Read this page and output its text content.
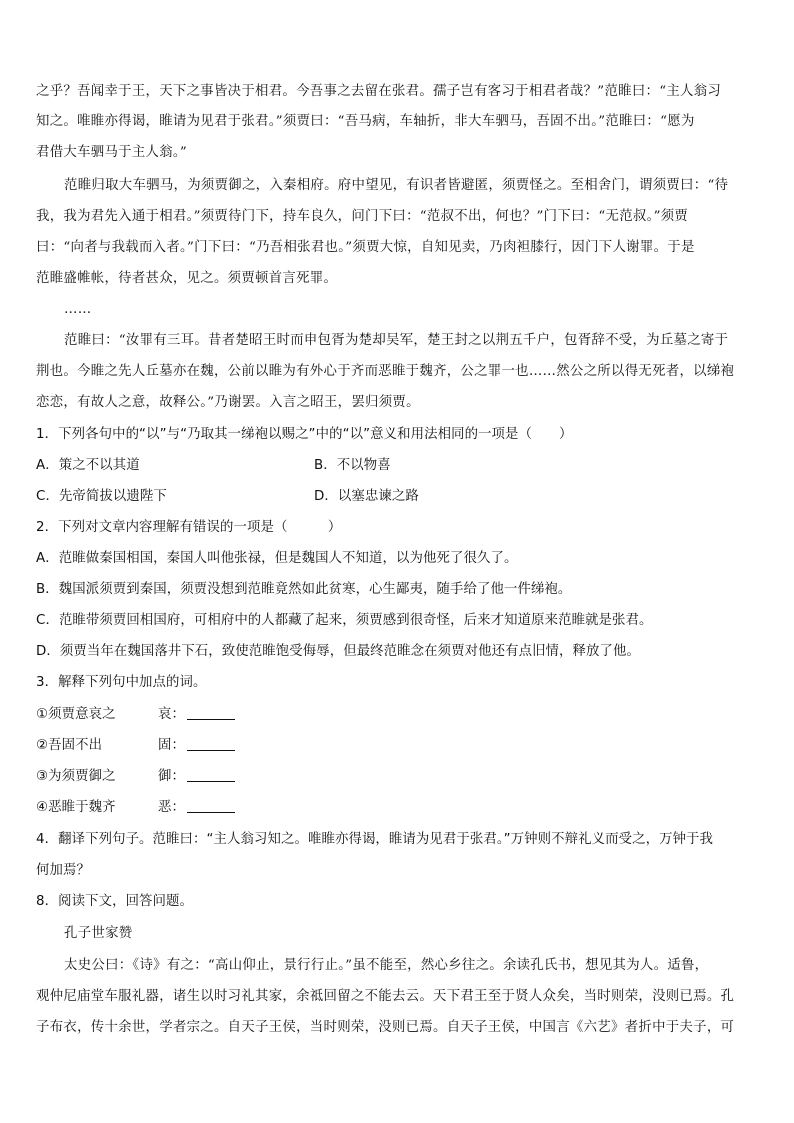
之乎？吾闻幸于王，天下之事皆决于相君。今吾事之去留在张君。孺子岂有客习于相君者哉？”范睢曰：“主人翁习
知之。唯睢亦得谒，睢请为见君于张君。”须贾曰：“吾马病，车轴折，非大车驷马，吾固不出。”范睢曰：“愿为
君借大车驷马于主人翁。”
范睢归取大车驷马，为须贾御之，入秦相府。府中望见，有识者皆避匿，须贾怪之。至相舍门，谓须贾曰：“待
我，我为君先入通于相君。”须贾待门下，持车良久，问门下曰：“范叔不出，何也？”门下曰：“无范叔。”须贾
曰：“向者与我载而入者。”门下曰：“乃吾相张君也。”须贾大惊，自知见卖，乃肉袒膝行，因门下人谢罪。于是
范睢盛帷帐，待者甚众，见之。须贾顿首言死罪。
……
范睢曰：“汝罪有三耳。昔者楚昭王时而申包胥为楚却吴军，楚王封之以荆五千户，包胥辞不受，为丘墓之寄于
荆也。今睢之先人丘墓亦在魏，公前以睢为有外心于齐而恶睢于魏齐，公之罪一也……然公之所以得无死者，以绨袍
恋恋，有故人之意，故释公。”乃谢罢。入言之昭王，罢归须贾。
1．下列各句中的“以”与“乃取其一绨袍以赐之”中的“以”意义和用法相同的一项是（　　）
A．策之不以其道	B．不以物喜
C．先帝简拔以遗陛下	D．以塞忠谏之路
2．下列对文章内容理解有错误的一项是（　　　）
A．范睢做秦国相国，秦国人叫他张禄，但是魏国人不知道，以为他死了很久了。
B．魏国派须贾到秦国，须贾没想到范睢竟然如此贫寒，心生鄙夷，随手给了他一件绨袍。
C．范睢带须贾回相国府，可相府中的人都藏了起来，须贾感到很奇怪，后来才知道原来范睢就是张君。
D．须贾当年在魏国落井下石，致使范睢饱受侮辱，但最终范睢念在须贾对他还有点旧情，释放了他。
3．解释下列句中加点的词。
①须贾意哀之	哀：
②吾固不出	固：
③为须贾御之	御：
④恶睢于魏齐	恶：
4．翻译下列句子。范睢曰：“主人翁习知之。唯睢亦得谒，睢请为见君于张君。”万钟则不辩礼义而受之，万钟于我
何加焉？
8．阅读下文，回答问题。
孔子世家赞
太史公曰：《诗》有之：“高山仰止，景行行止。”虽不能至，然心乡往之。余读孔氏书，想见其为人。适鲁，
观仲尼庙堂车服礼器，诸生以时习礼其家，余祗回留之不能去云。天下君王至于贤人众矣，当时则荣，没则已焉。孔
子布衣，传十余世，学者宗之。自天子王侯，当时则荣，没则已焉。自天子王侯，中国言《六艺》者折中于夫子，可
